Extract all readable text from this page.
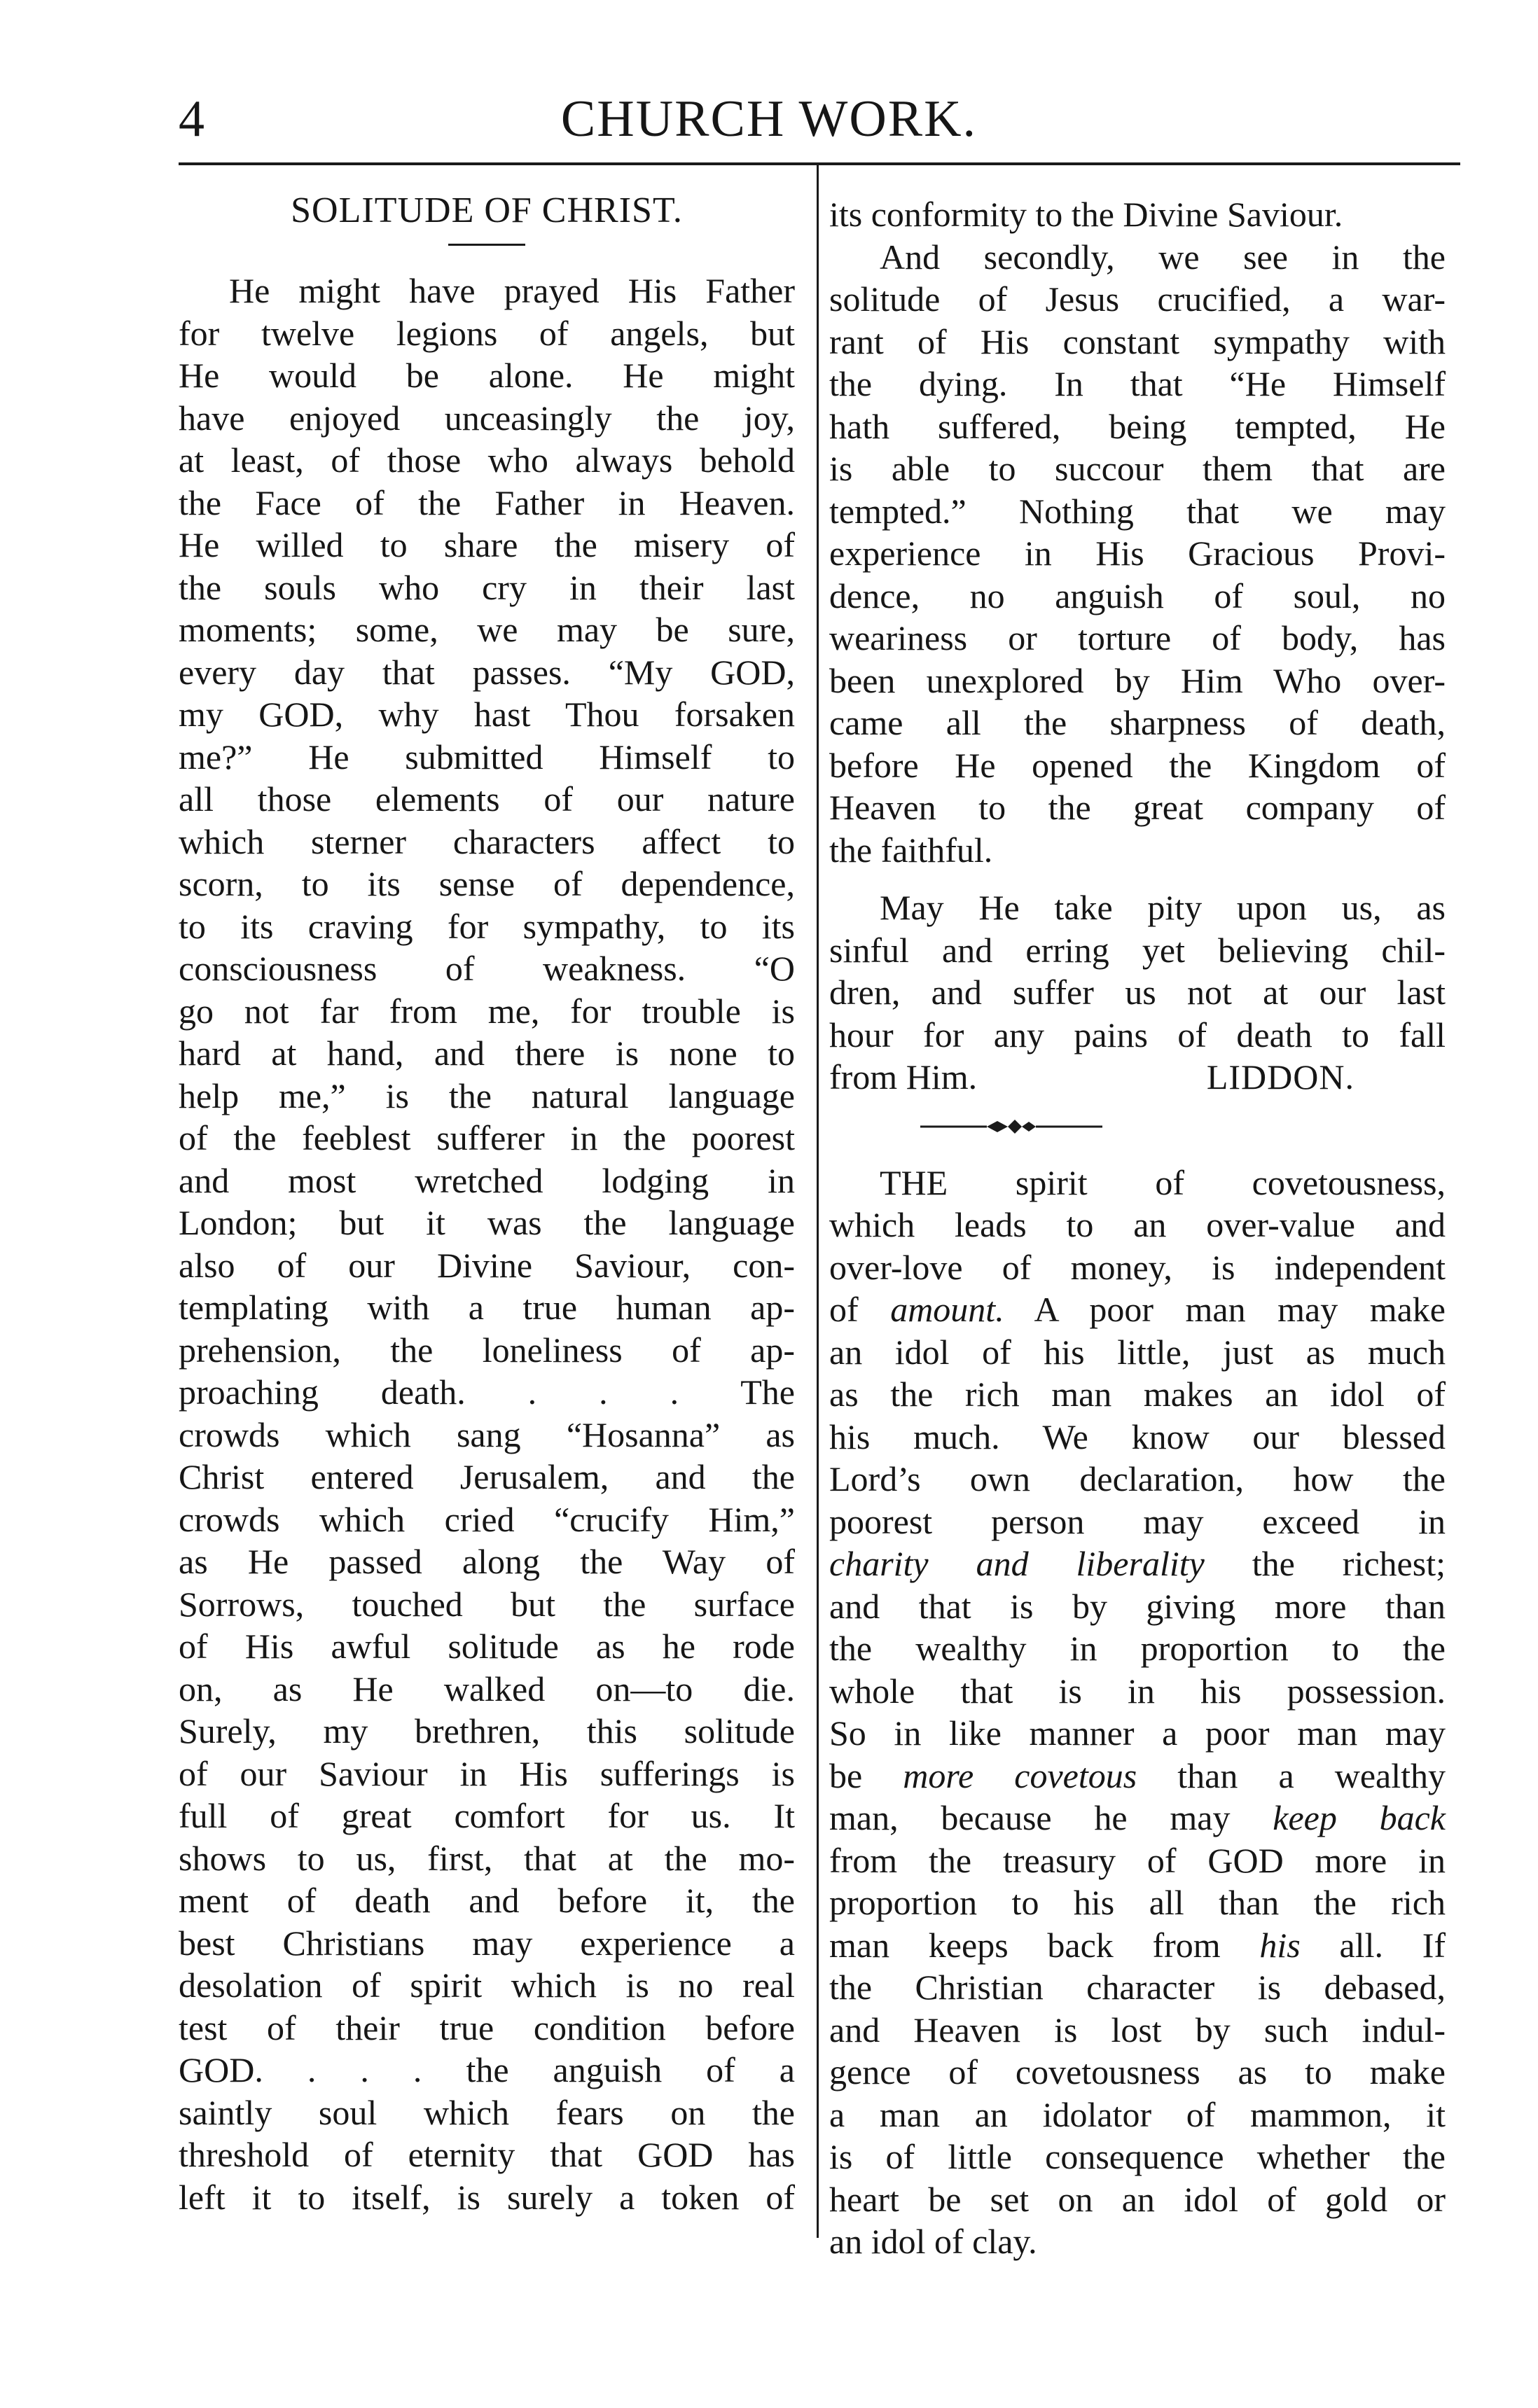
4	CHURCH WORK.
SOLITUDE OF CHRIST.
He might have prayed His Father
for twelve legions of angels, but
He would be alone. He might
have enjoyed unceasingly the joy,
at least, of those who always behold
the Face of the Father in Heaven.
He willed to share the misery of
the souls who cry in their last
moments; some, we may be sure,
every day that passes. “My GOD,
my GOD, why hast Thou forsaken
me?” He submitted Himself to
all those elements of our nature
which sterner characters affect to
scorn, to its sense of dependence,
to its craving for sympathy, to its
consciousness of weakness. “O
go not far from me, for trouble is
hard at hand, and there is none to
help me,” is the natural language
of the feeblest sufferer in the poorest
and most wretched lodging in
London; but it was the language
also of our Divine Saviour, con-
templating with a true human ap-
prehension, the loneliness of ap-
proaching death. . . . The
crowds which sang “Hosanna” as
Christ entered Jerusalem, and the
crowds which cried “crucify Him,”
as He passed along the Way of
Sorrows, touched but the surface
of His awful solitude as he rode
on, as He walked on—to die.
Surely, my brethren, this solitude
of our Saviour in His sufferings is
full of great comfort for us. It
shows to us, first, that at the mo-
ment of death and before it, the
best Christians may experience a
desolation of spirit which is no real
test of their true condition before
GOD. . . . the anguish of a
saintly soul which fears on the
threshold of eternity that GOD has
left it to itself, is surely a token of
its conformity to the Divine Saviour.
And secondly, we see in the
solitude of Jesus crucified, a war-
rant of His constant sympathy with
the dying. In that “He Himself
hath suffered, being tempted, He
is able to succour them that are
tempted.” Nothing that we may
experience in His Gracious Provi-
dence, no anguish of soul, no
weariness or torture of body, has
been unexplored by Him Who over-
came all the sharpness of death,
before He opened the Kingdom of
Heaven to the great company of
the faithful.
May He take pity upon us, as
sinful and erring yet believing chil-
dren, and suffer us not at our last
hour for any pains of death to fall
from Him.	LIDDON.
THE spirit of covetousness,
which leads to an over-value and
over-love of money, is independent
of amount. A poor man may make
an idol of his little, just as much
as the rich man makes an idol of
his much. We know our blessed
Lord’s own declaration, how the
poorest person may exceed in
charity and liberality the richest;
and that is by giving more than
the wealthy in proportion to the
whole that is in his possession.
So in like manner a poor man may
be more covetous than a wealthy
man, because he may keep back
from the treasury of GOD more in
proportion to his all than the rich
man keeps back from his all. If
the Christian character is debased,
and Heaven is lost by such indul-
gence of covetousness as to make
a man an idolator of mammon, it
is of little consequence whether the
heart be set on an idol of gold or
an idol of clay.
